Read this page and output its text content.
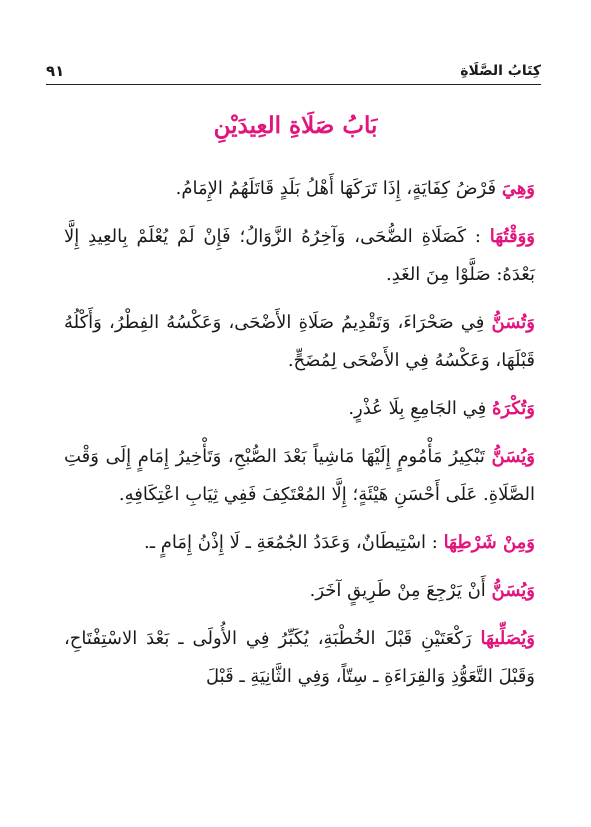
كِتَابُ الصَّلَاةِ
٩١
بَابُ صَلَاةِ العِيدَيْنِ

وَهِيَ فَرْضُ كِفَايَةٍ، إِذَا تَرَكَهَا أَهْلُ بَلَدٍ قَاتَلَهُمُ الإِمَامُ.

وَوَقْتُهَا : كَصَلَاةِ الضُّحَى، وَآخِرُهُ الزَّوَالُ؛ فَإِنْ لَمْ يُعْلَمْ بِالعِيدِ إِلَّا بَعْدَهُ: صَلَّوْا مِنَ الغَدِ.

وَتُسَنُّ فِي صَحْرَاءَ، وَتَقْدِيمُ صَلَاةِ الأَضْحَى، وَعَكْسُهُ الفِطْرُ، وَأَكْلُهُ قَبْلَهَا، وَعَكْسُهُ فِي الأَضْحَى لِمُضَحٍّ.

وَتُكْرَهُ فِي الجَامِعِ بِلَا عُذْرٍ.

وَيُسَنُّ تَبْكِيرُ مَأْمُومٍ إِلَيْهَا مَاشِياً بَعْدَ الصُّبْحِ، وَتَأْخِيرُ إِمَامٍ إِلَى وَقْتِ الصَّلَاةِ. عَلَى أَحْسَنِ هَيْئَةٍ؛ إِلَّا المُعْتَكِفَ فَفِي ثِيَابِ اعْتِكَافِهِ.

وَمِنْ شَرْطِهَا : اسْتِيطَانٌ، وَعَدَدُ الجُمُعَةِ ـ لَا إِذْنُ إِمَامٍ ـ.

وَيُسَنُّ أَنْ يَرْجِعَ مِنْ طَرِيقٍ آخَرَ.

وَيُصَلِّيهَا رَكْعَتَيْنِ قَبْلَ الخُطْبَةِ، يُكَبِّرُ فِي الأُولَى ـ بَعْدَ الاسْتِفْتَاحِ، وَقَبْلَ التَّعَوُّذِ وَالقِرَاءَةِ ـ سِتّاً، وَفِي الثَّانِيَةِ ـ قَبْلَ
